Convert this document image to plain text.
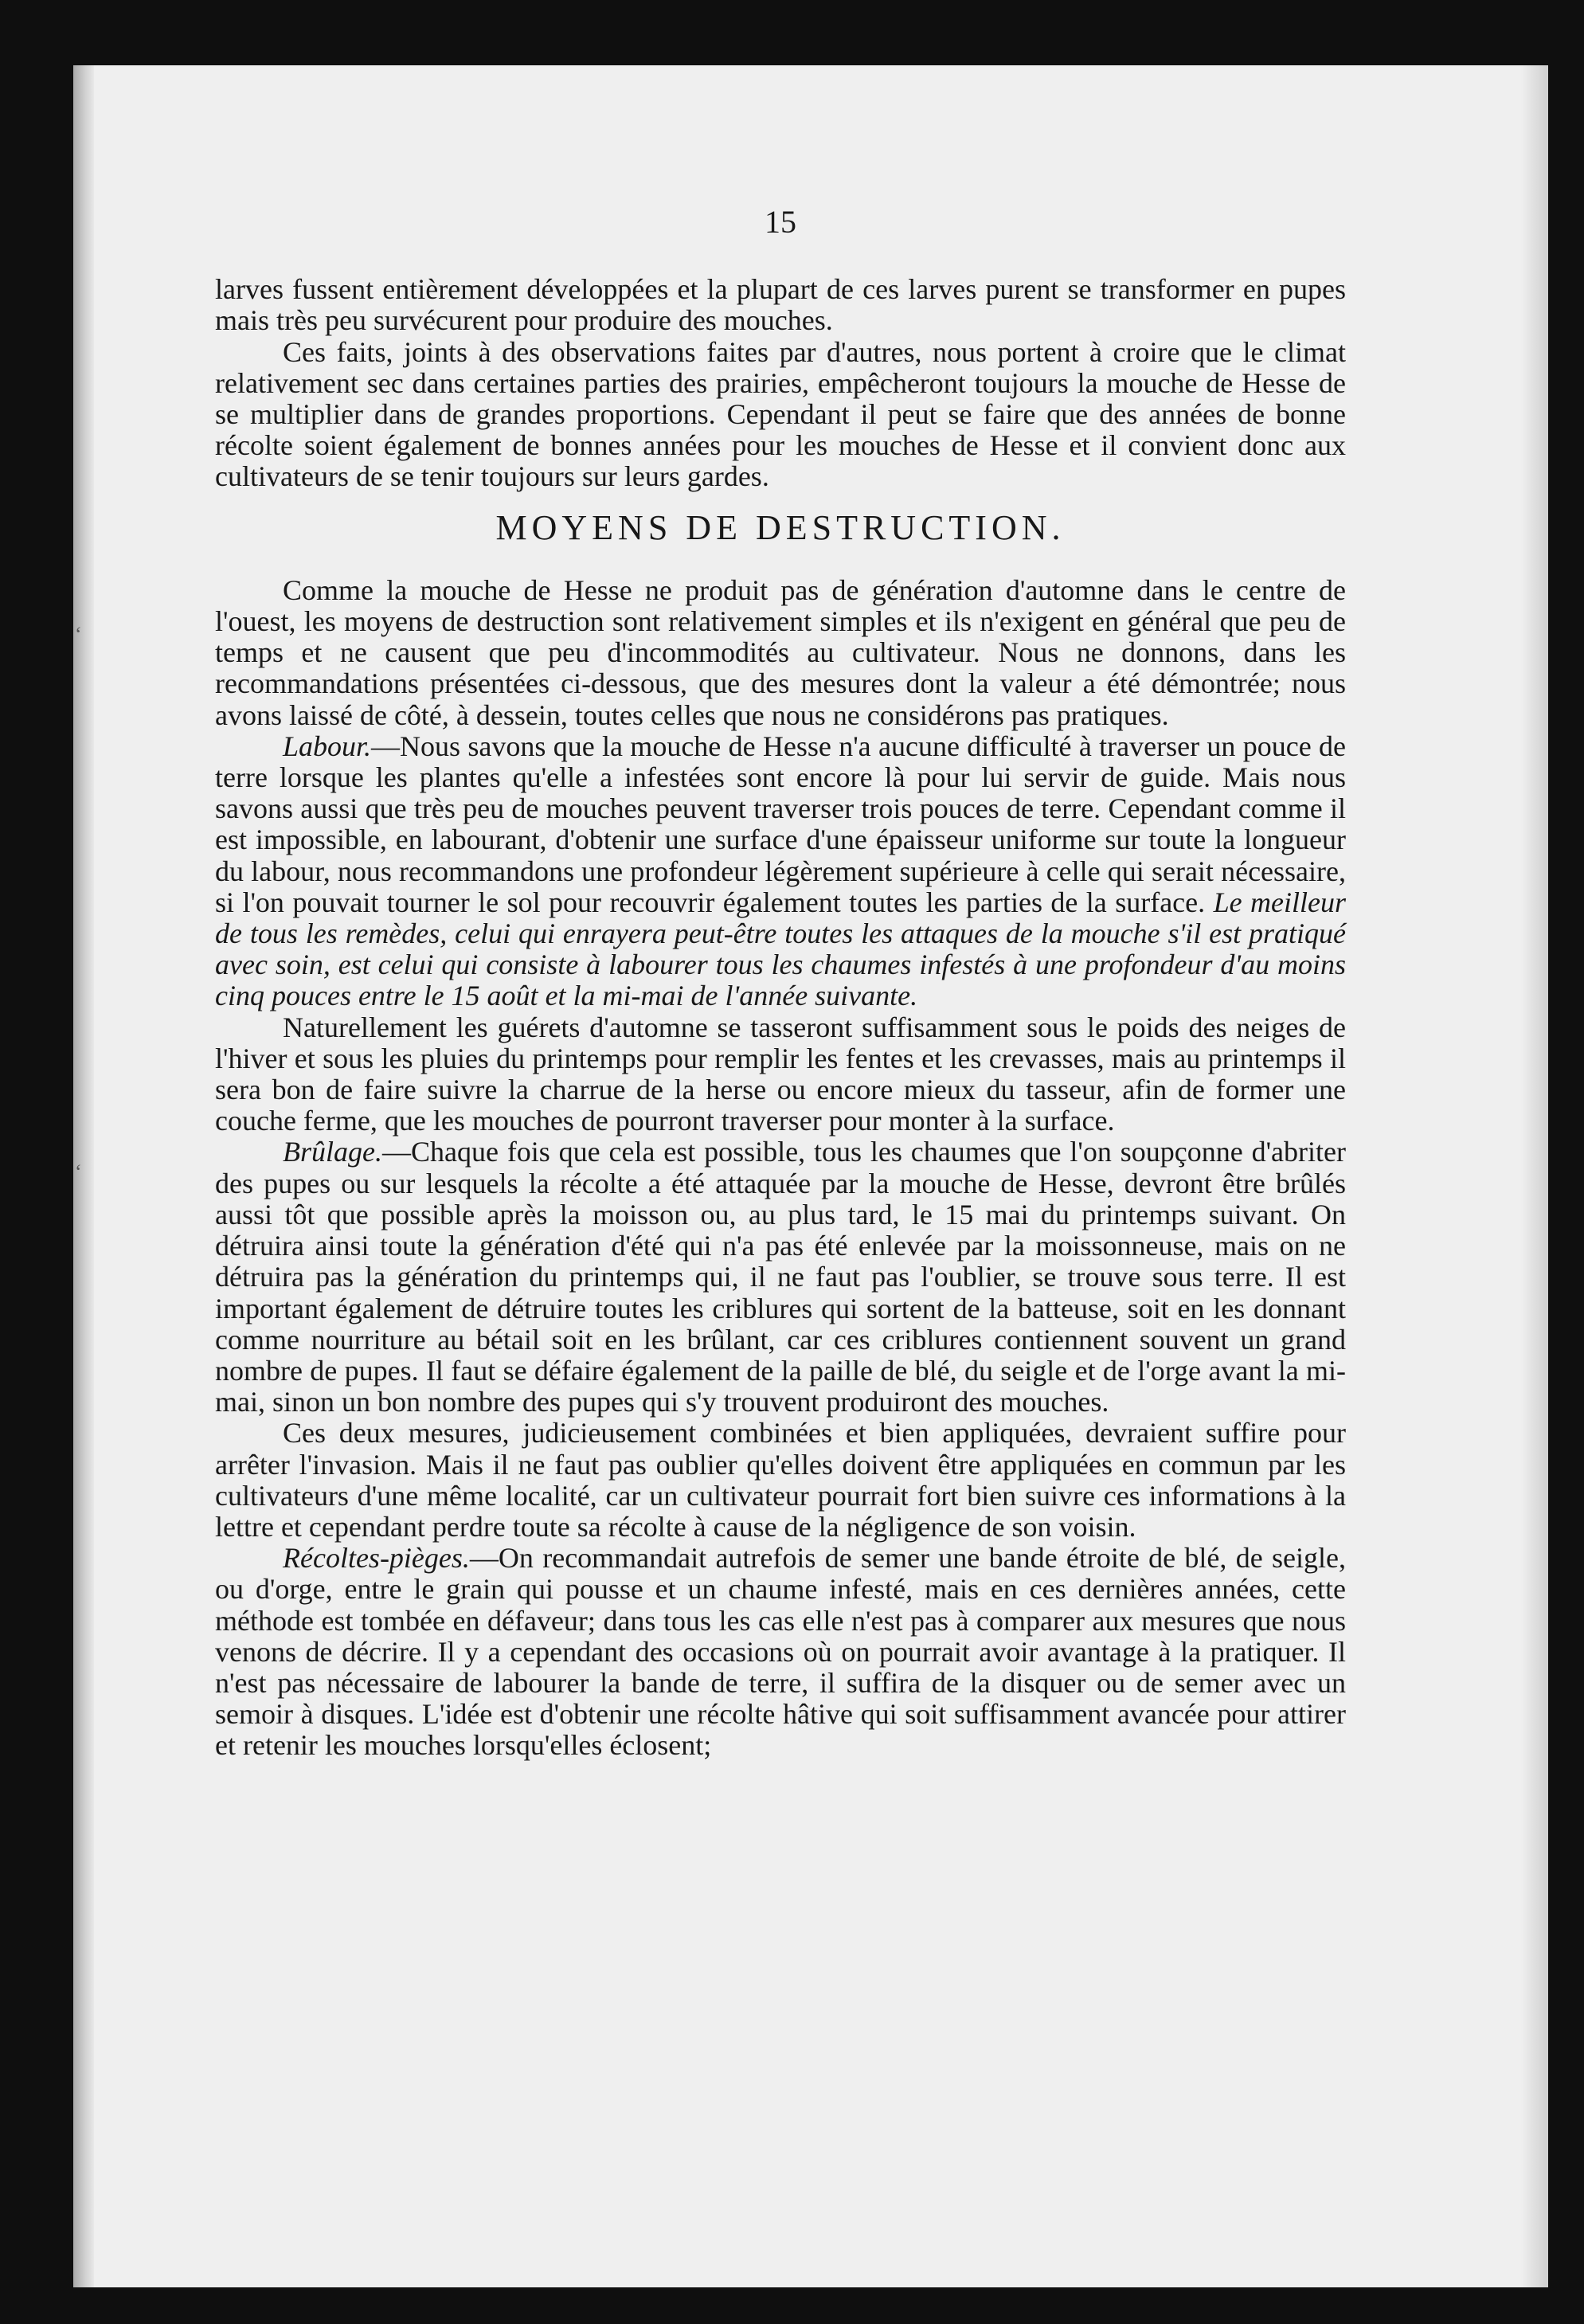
‘
‘
15

larves fussent entièrement développées et la plupart de ces larves purent se transformer en pupes mais très peu survécurent pour produire des mouches.

Ces faits, joints à des observations faites par d'autres, nous portent à croire que le climat relativement sec dans certaines parties des prairies, empêcheront toujours la mouche de Hesse de se multiplier dans de grandes proportions. Cependant il peut se faire que des années de bonne récolte soient également de bonnes années pour les mouches de Hesse et il convient donc aux cultivateurs de se tenir toujours sur leurs gardes.

MOYENS DE DESTRUCTION.

Comme la mouche de Hesse ne produit pas de génération d'automne dans le centre de l'ouest, les moyens de destruction sont relativement simples et ils n'exigent en général que peu de temps et ne causent que peu d'incommodités au cultivateur. Nous ne donnons, dans les recommandations présentées ci-dessous, que des mesures dont la valeur a été démontrée; nous avons laissé de côté, à dessein, toutes celles que nous ne considérons pas pratiques.

Labour.—Nous savons que la mouche de Hesse n'a aucune difficulté à traverser un pouce de terre lorsque les plantes qu'elle a infestées sont encore là pour lui servir de guide. Mais nous savons aussi que très peu de mouches peuvent traverser trois pouces de terre. Cependant comme il est impossible, en labourant, d'obtenir une surface d'une épaisseur uniforme sur toute la longueur du labour, nous recommandons une profondeur légèrement supérieure à celle qui serait nécessaire, si l'on pouvait tourner le sol pour recouvrir également toutes les parties de la surface. Le meilleur de tous les remèdes, celui qui enrayera peut-être toutes les attaques de la mouche s'il est pratiqué avec soin, est celui qui consiste à labourer tous les chaumes infestés à une profondeur d'au moins cinq pouces entre le 15 août et la mi-mai de l'année suivante.

Naturellement les guérets d'automne se tasseront suffisamment sous le poids des neiges de l'hiver et sous les pluies du printemps pour remplir les fentes et les crevasses, mais au printemps il sera bon de faire suivre la charrue de la herse ou encore mieux du tasseur, afin de former une couche ferme, que les mouches de pourront traverser pour monter à la surface.

Brûlage.—Chaque fois que cela est possible, tous les chaumes que l'on soupçonne d'abriter des pupes ou sur lesquels la récolte a été attaquée par la mouche de Hesse, devront être brûlés aussi tôt que possible après la moisson ou, au plus tard, le 15 mai du printemps suivant. On détruira ainsi toute la génération d'été qui n'a pas été enlevée par la moissonneuse, mais on ne détruira pas la génération du printemps qui, il ne faut pas l'oublier, se trouve sous terre. Il est important également de détruire toutes les criblures qui sortent de la batteuse, soit en les donnant comme nourriture au bétail soit en les brûlant, car ces criblures contiennent souvent un grand nombre de pupes. Il faut se défaire également de la paille de blé, du seigle et de l'orge avant la mi-mai, sinon un bon nombre des pupes qui s'y trouvent produiront des mouches.

Ces deux mesures, judicieusement combinées et bien appliquées, devraient suffire pour arrêter l'invasion. Mais il ne faut pas oublier qu'elles doivent être appliquées en commun par les cultivateurs d'une même localité, car un cultivateur pourrait fort bien suivre ces informations à la lettre et cependant perdre toute sa récolte à cause de la négligence de son voisin.

Récoltes-pièges.—On recommandait autrefois de semer une bande étroite de blé, de seigle, ou d'orge, entre le grain qui pousse et un chaume infesté, mais en ces dernières années, cette méthode est tombée en défaveur; dans tous les cas elle n'est pas à comparer aux mesures que nous venons de décrire. Il y a cependant des occasions où on pourrait avoir avantage à la pratiquer. Il n'est pas nécessaire de labourer la bande de terre, il suffira de la disquer ou de semer avec un semoir à disques. L'idée est d'obtenir une récolte hâtive qui soit suffisamment avancée pour attirer et retenir les mouches lorsqu'elles éclosent;
